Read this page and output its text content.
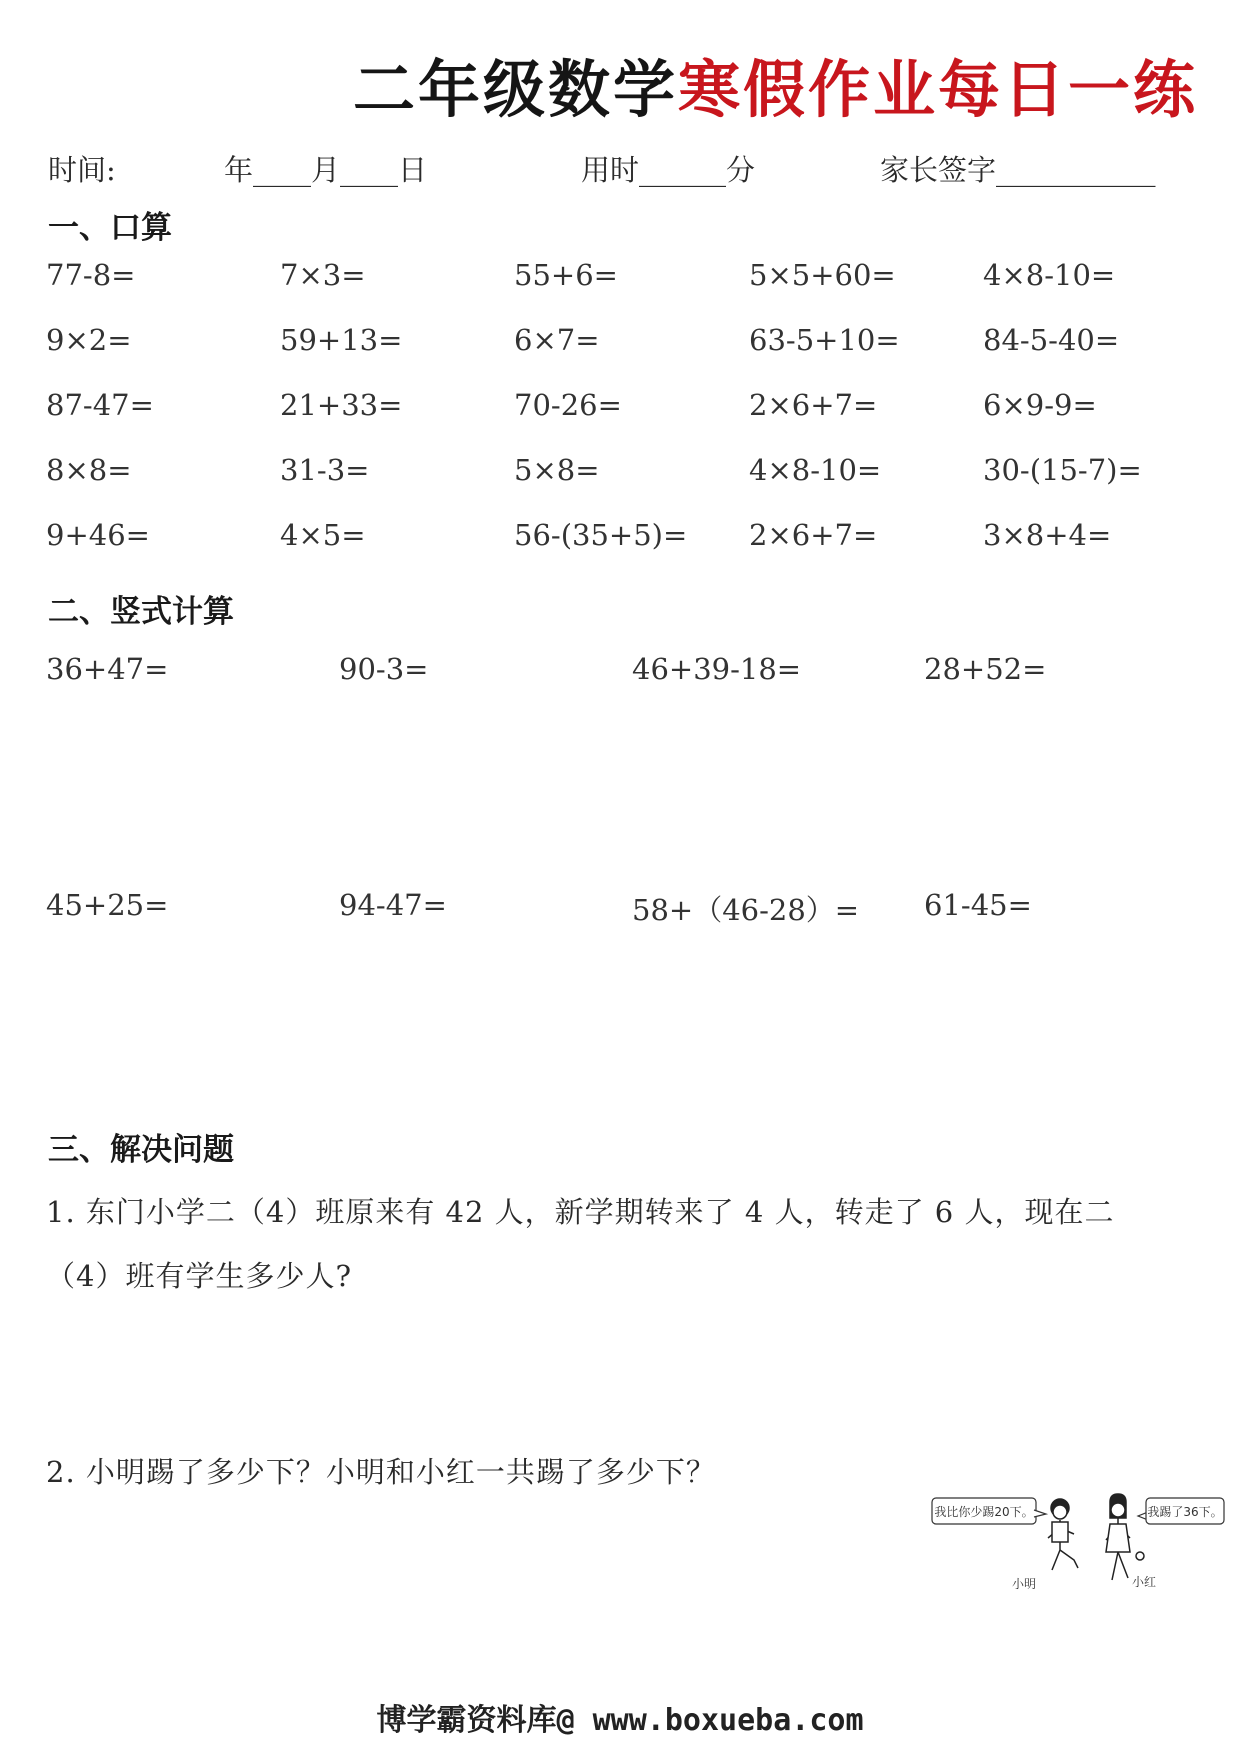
二年级数学寒假作业每日一练
时间:	年____月____日	用时______分	家长签字___________
一、口算
77-8=	7×3=	55+6=	5×5+60=	4×8-10=
9×2=	59+13=	6×7=	63-5+10=	84-5-40=
87-47=	21+33=	70-26=	2×6+7=	6×9-9=
8×8=	31-3=	5×8=	4×8-10=	30-(15-7)=
9+46=	4×5=	56-(35+5)= 2×6+7=	3×8+4=
二、竖式计算
36+47=	90-3=	46+39-18=	28+52=
45+25=	94-47=	58+（46-28）= 61-45=
三、解决问题
1. 东门小学二（4）班原来有 42 人，新学期转来了 4 人，转走了 6 人，现在二
（4）班有学生多少人?
2. 小明踢了多少下？小明和小红一共踢了多少下？
我比你少踢20下。
小明	小红
我踢了36下。
博学霸资料库@ www.boxueba.com
